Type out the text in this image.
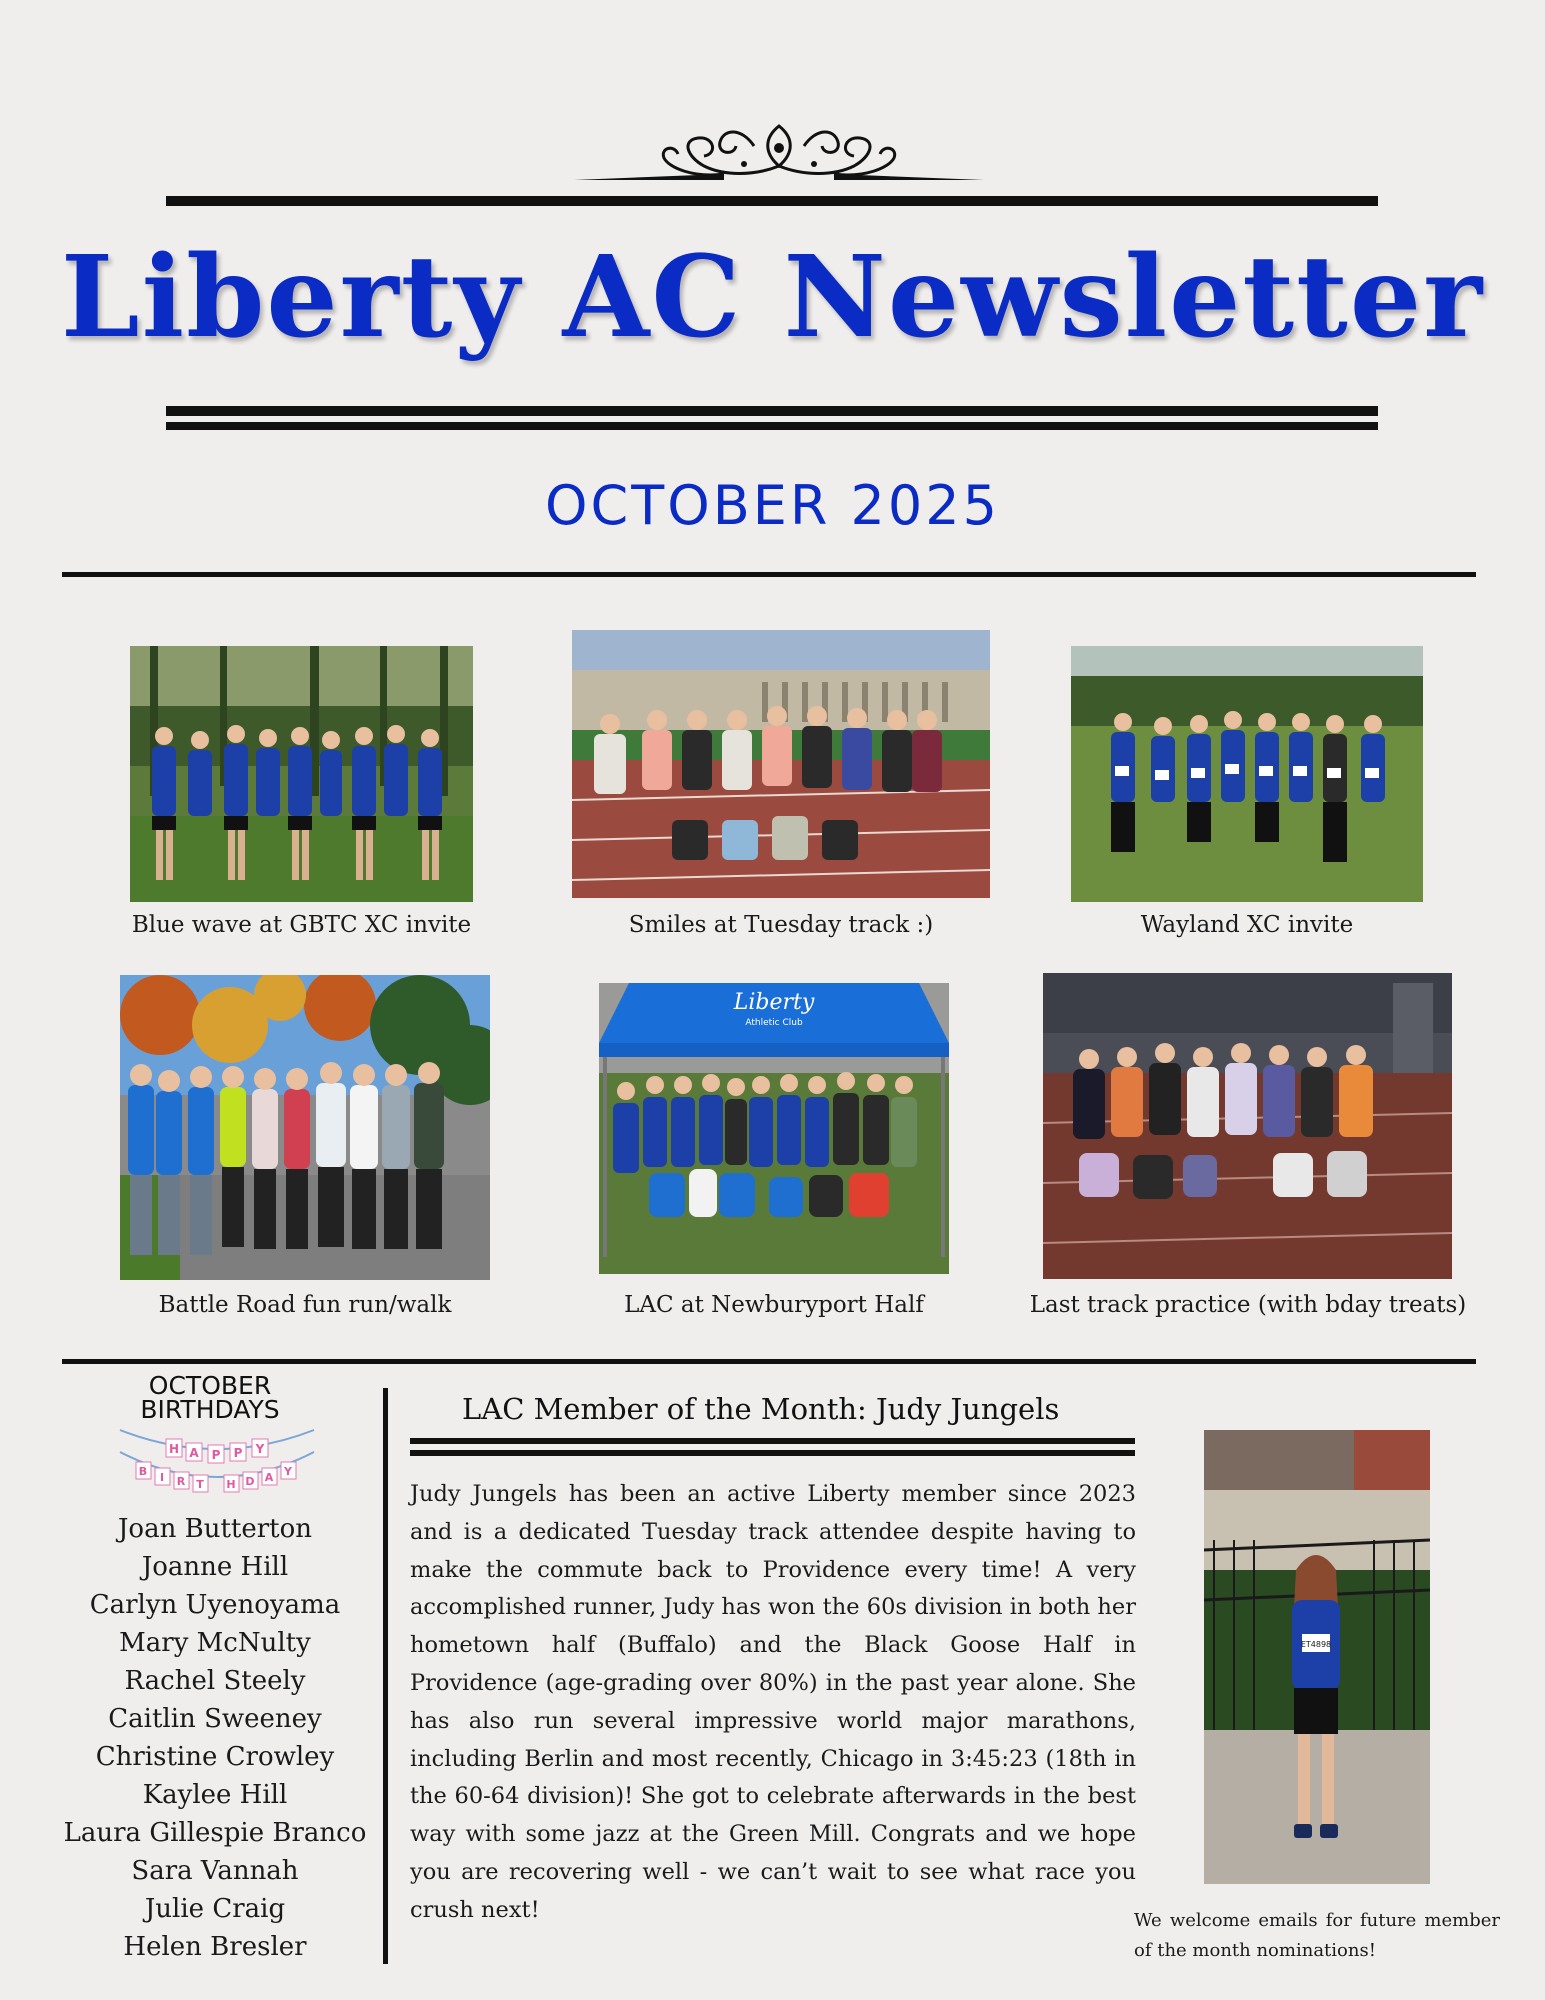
Liberty AC Newsletter
OCTOBER 2025
Blue wave at GBTC XC invite	Smiles at Tuesday track :)	Wayland XC invite
Battle Road fun run/walk
Liberty
Athletic Club
LAC at Newburyport Half	Last track practice (with bday treats)
OCTOBER
BIRTHDAYS
H A P P Y
B I R T H D A Y
Joan Butterton
Joanne Hill
Carlyn Uyenoyama
Mary McNulty
Rachel Steely
Caitlin Sweeney
Christine Crowley
Kaylee Hill
Laura Gillespie Branco
Sara Vannah
Julie Craig
Helen Bresler
LAC Member of the Month: Judy Jungels

Judy Jungels has been an active Liberty member since 2023 and is a dedicated Tuesday track attendee despite having to make the commute back to Providence every time! A very accomplished runner, Judy has won the 60s division in both her hometown half (Buffalo) and the Black Goose Half in Providence (age-grading over 80%) in the past year alone. She has also run several impressive world major marathons, including Berlin and most recently, Chicago in 3:45:23 (18th in the 60-64 division)! She got to celebrate afterwards in the best way with some jazz at the Green Mill. Congrats and we hope you are recovering well - we can’t wait to see what race you crush next!

ET4898

We welcome emails for future member of the month nominations!
